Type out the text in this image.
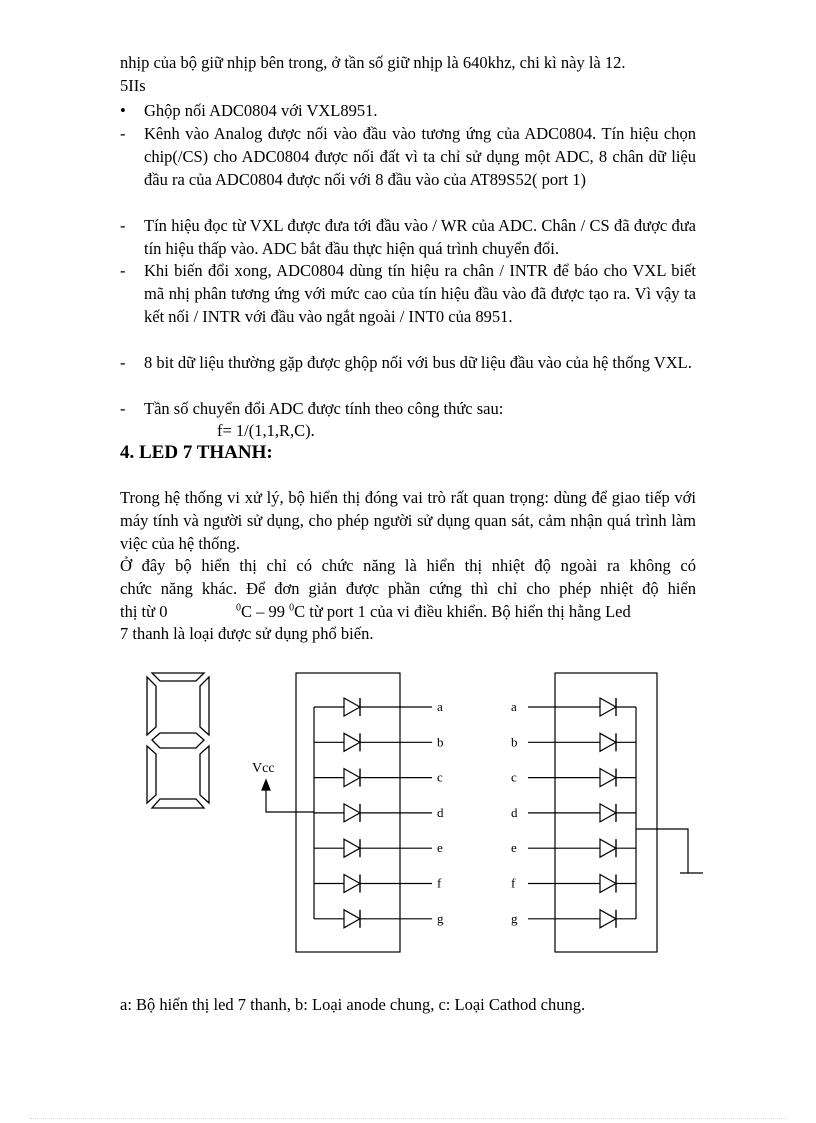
nhịp của bộ giữ nhịp bên trong, ở tần số giữ nhịp là 640khz, chi kì này là 12.
5IIs
•	Ghộp nối ADC0804 với VXL8951.
-	Kênh vào Analog được nối vào đầu vào tương ứng của ADC0804. Tín hiệu chọn chip(/CS) cho ADC0804 được nối đất vì ta chỉ sử dụng một ADC, 8 chân dữ liệu đầu ra của ADC0804 được nối với 8 đầu vào của AT89S52( port 1)
-	Tín hiệu đọc từ VXL được đưa tới đầu vào / WR của ADC. Chân / CS đã được đưa tín hiệu thấp vào. ADC bắt đầu thực hiện quá trình chuyển đổi.
-	Khi biến đổi xong, ADC0804 dùng tín hiệu ra chân / INTR để báo cho VXL biết mã nhị phân tương ứng với mức cao của tín hiệu đầu vào đã được tạo ra. Vì vậy ta kết nối / INTR với đầu vào ngắt ngoài / INT0 của 8951.
-	8 bit dữ liệu thường gặp được ghộp nối với bus dữ liệu đầu vào của hệ thống VXL.
-	Tần số chuyển đổi ADC được tính theo công thức sau:
f= 1/(1,1,R,C).
4. LED 7 THANH:
Trong hệ thống vi xử lý, bộ hiển thị đóng vai trò rất quan trọng: dùng để giao tiếp với máy tính và người sử dụng, cho phép người sử dụng quan sát, cảm nhận quá trình làm việc của hệ thống.
Ở đây bộ hiển thị chỉ có chức năng là hiển thị nhiệt độ ngoài ra không có
chức năng khác. Để đơn giản được phần cứng thì chỉ cho phép nhiệt độ hiển
thị từ 0	$^0$C – 99 $^0$C từ port 1 của vi điều khiển. Bộ hiển thị hằng Led
7 thanh là loại được sử dụng phổ biến.
a
b
c
d
e
f
g
Vcc
a
b
c
d
e
f
g
a: Bộ hiển thị led 7 thanh, b: Loại anode chung, c: Loại Cathod chung.
